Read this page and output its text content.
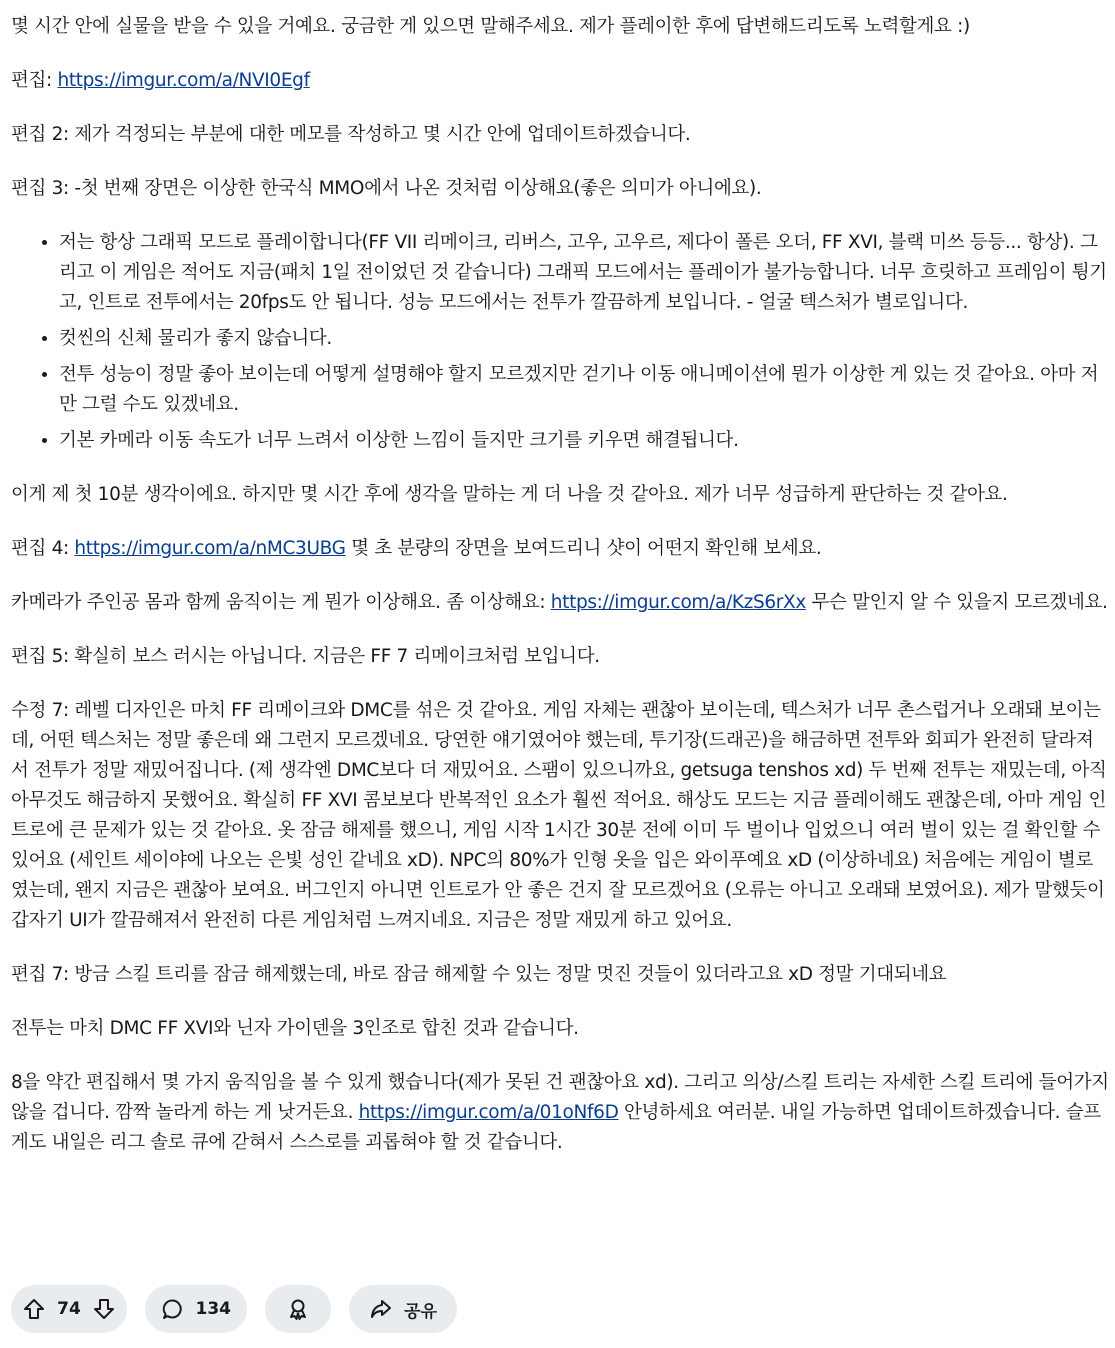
몇 시간 안에 실물을 받을 수 있을 거예요. 궁금한 게 있으면 말해주세요. 제가 플레이한 후에 답변해드리도록 노력할게요 :)

편집: https://imgur.com/a/NVI0Egf

편집 2: 제가 걱정되는 부분에 대한 메모를 작성하고 몇 시간 안에 업데이트하겠습니다.

편집 3: -첫 번째 장면은 이상한 한국식 MMO에서 나온 것처럼 이상해요(좋은 의미가 아니에요).

• 저는 항상 그래픽 모드로 플레이합니다(FF VII 리메이크, 리버스, 고우, 고우르, 제다이 폴른 오더, FF XVI, 블랙 미쓰 등등... 항상). 그리고 이 게임은 적어도 지금(패치 1일 전이었던 것 같습니다) 그래픽 모드에서는 플레이가 불가능합니다. 너무 흐릿하고 프레임이 튕기고, 인트로 전투에서는 20fps도 안 됩니다. 성능 모드에서는 전투가 깔끔하게 보입니다. - 얼굴 텍스처가 별로입니다.
• 컷씬의 신체 물리가 좋지 않습니다.
• 전투 성능이 정말 좋아 보이는데 어떻게 설명해야 할지 모르겠지만 걷기나 이동 애니메이션에 뭔가 이상한 게 있는 것 같아요. 아마 저만 그럴 수도 있겠네요.
• 기본 카메라 이동 속도가 너무 느려서 이상한 느낌이 들지만 크기를 키우면 해결됩니다.

이게 제 첫 10분 생각이에요. 하지만 몇 시간 후에 생각을 말하는 게 더 나을 것 같아요. 제가 너무 성급하게 판단하는 것 같아요.

편집 4: https://imgur.com/a/nMC3UBG 몇 초 분량의 장면을 보여드리니 샷이 어떤지 확인해 보세요.

카메라가 주인공 몸과 함께 움직이는 게 뭔가 이상해요. 좀 이상해요: https://imgur.com/a/KzS6rXx 무슨 말인지 알 수 있을지 모르겠네요.

편집 5: 확실히 보스 러시는 아닙니다. 지금은 FF 7 리메이크처럼 보입니다.

수정 7: 레벨 디자인은 마치 FF 리메이크와 DMC를 섞은 것 같아요. 게임 자체는 괜찮아 보이는데, 텍스처가 너무 촌스럽거나 오래돼 보이는데, 어떤 텍스처는 정말 좋은데 왜 그런지 모르겠네요. 당연한 얘기였어야 했는데, 투기장(드래곤)을 해금하면 전투와 회피가 완전히 달라져서 전투가 정말 재밌어집니다. (제 생각엔 DMC보다 더 재밌어요. 스팸이 있으니까요, getsuga tenshos xd) 두 번째 전투는 재밌는데, 아직 아무것도 해금하지 못했어요. 확실히 FF XVI 콤보보다 반복적인 요소가 훨씬 적어요. 해상도 모드는 지금 플레이해도 괜찮은데, 아마 게임 인트로에 큰 문제가 있는 것 같아요. 옷 잠금 해제를 했으니, 게임 시작 1시간 30분 전에 이미 두 벌이나 입었으니 여러 벌이 있는 걸 확인할 수 있어요 (세인트 세이야에 나오는 은빛 성인 같네요 xD). NPC의 80%가 인형 옷을 입은 와이푸예요 xD (이상하네요) 처음에는 게임이 별로였는데, 왠지 지금은 괜찮아 보여요. 버그인지 아니면 인트로가 안 좋은 건지 잘 모르겠어요 (오류는 아니고 오래돼 보였어요). 제가 말했듯이 갑자기 UI가 깔끔해져서 완전히 다른 게임처럼 느껴지네요. 지금은 정말 재밌게 하고 있어요.

편집 7: 방금 스킬 트리를 잠금 해제했는데, 바로 잠금 해제할 수 있는 정말 멋진 것들이 있더라고요 xD 정말 기대되네요

전투는 마치 DMC FF XVI와 닌자 가이덴을 3인조로 합친 것과 같습니다.

8을 약간 편집해서 몇 가지 움직임을 볼 수 있게 했습니다(제가 못된 건 괜찮아요 xd). 그리고 의상/스킬 트리는 자세한 스킬 트리에 들어가지 않을 겁니다. 깜짝 놀라게 하는 게 낫거든요. https://imgur.com/a/01oNf6D 안녕하세요 여러분. 내일 가능하면 업데이트하겠습니다. 슬프게도 내일은 리그 솔로 큐에 갇혀서 스스로를 괴롭혀야 할 것 같습니다.

74	134	공유
